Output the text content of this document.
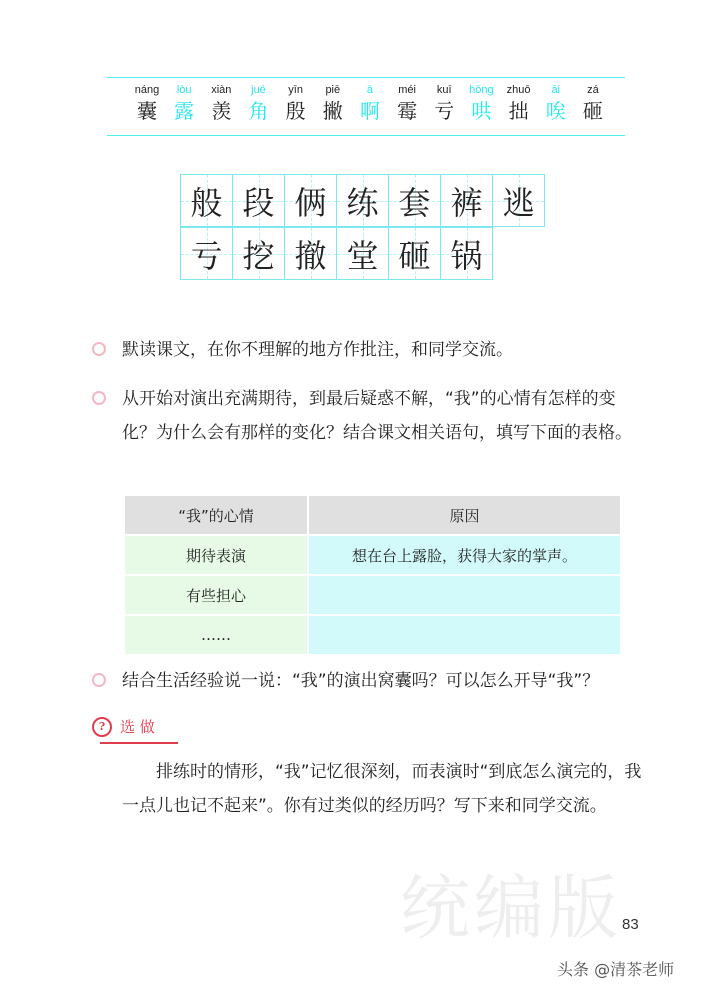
náng
囊
lòu
露
xiàn
羡
jué
角
yīn
殷
piē
撇
ā
啊
méi
霉
kuī
亏
hōng
哄
zhuō
拙
āi
唉
zá
砸
般 段 俩 练 套 裤 逃
亏 挖 撤 堂 砸 锅
默读课文，在你不理解的地方作批注，和同学交流。
从开始对演出充满期待，到最后疑惑不解，“我”的心情有怎样的变化？为什么会有那样的变化？结合课文相关语句，填写下面的表格。
“我”的心情	原因
期待表演	想在台上露脸，获得大家的掌声。
有些担心	
……	
结合生活经验说一说：“我”的演出窝囊吗？可以怎么开导“我”？
? 选 做
排练时的情形，“我”记忆很深刻，而表演时“到底怎么演完的，我一点儿也记不起来”。你有过类似的经历吗？写下来和同学交流。
统编版 83
头条 @清茶老师
